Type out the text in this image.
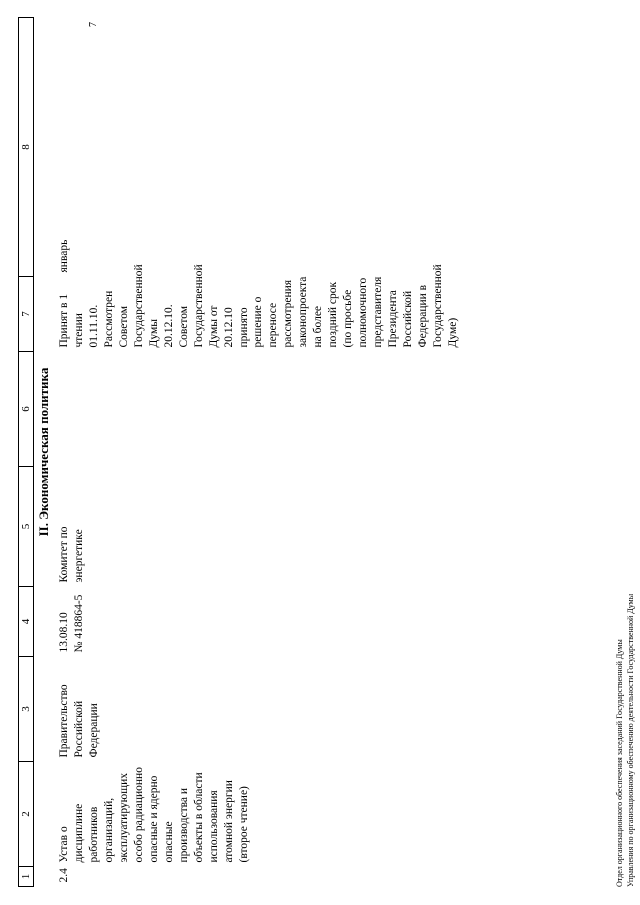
1	2	3	4	5	6	7	8
II. Экономическая политика							
2.4	Устав о дисциплине работников организаций, эксплуатирующих особо радиационно опасные и ядерно опасные производства и объекты в области использования атомной энергии (второе чтение)	Правительство Российской Федерации	13.08.10 № 418864-5	Комитет по энергетике		Принят в 1 чтении 01.11.10. Рассмотрен Советом Государственной Думы 20.12.10. Советом Государственной Думы от 20.12.10 принято решение о переносе рассмотрения законопроекта на более поздний срок (по просьбе полномочного представителя Президента Российской Федерации в Государственной Думе)	январь

7
Отдел организационного обеспечения заседаний Государственной Думы Управления по организационному обеспечению деятельности Государственной Думы
